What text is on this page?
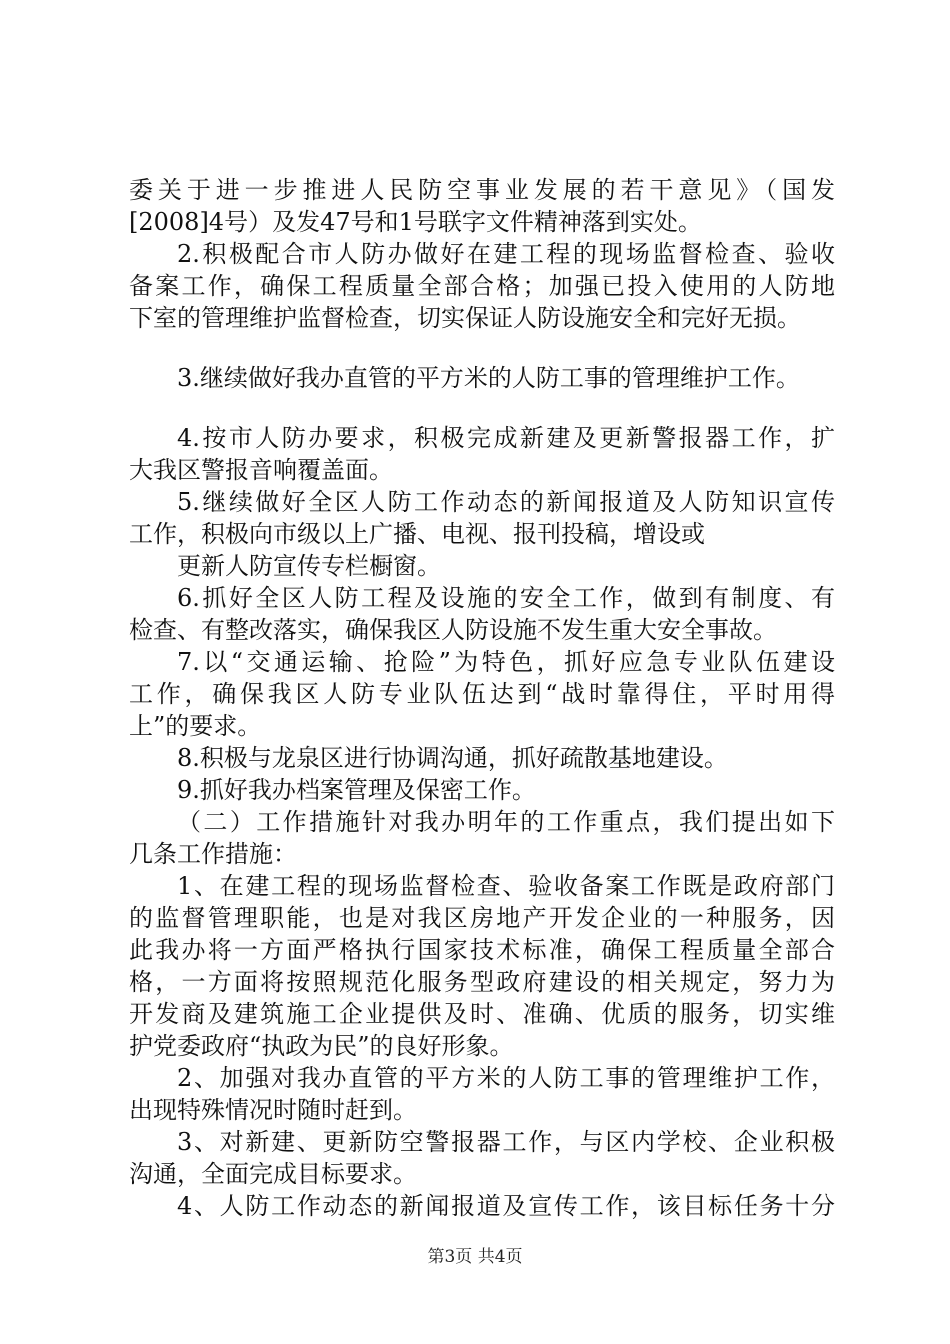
委关于进一步推进人民防空事业发展的若干意见》（国发
[2008]4号）及发47号和1号联字文件精神落到实处。
2.积极配合市人防办做好在建工程的现场监督检查、验收
备案工作，确保工程质量全部合格；加强已投入使用的人防地
下室的管理维护监督检查，切实保证人防设施安全和完好无损。
3.继续做好我办直管的平方米的人防工事的管理维护工作。
4.按市人防办要求，积极完成新建及更新警报器工作，扩
大我区警报音响覆盖面。
5.继续做好全区人防工作动态的新闻报道及人防知识宣传
工作，积极向市级以上广播、电视、报刊投稿，增设或
更新人防宣传专栏橱窗。
6.抓好全区人防工程及设施的安全工作，做到有制度、有
检查、有整改落实，确保我区人防设施不发生重大安全事故。
7.以“交通运输、抢险”为特色，抓好应急专业队伍建设
工作，确保我区人防专业队伍达到“战时靠得住，平时用得
上”的要求。
8.积极与龙泉区进行协调沟通，抓好疏散基地建设。
9.抓好我办档案管理及保密工作。
（二）工作措施针对我办明年的工作重点，我们提出如下
几条工作措施：
1、在建工程的现场监督检查、验收备案工作既是政府部门
的监督管理职能，也是对我区房地产开发企业的一种服务，因
此我办将一方面严格执行国家技术标准，确保工程质量全部合
格，一方面将按照规范化服务型政府建设的相关规定，努力为
开发商及建筑施工企业提供及时、准确、优质的服务，切实维
护党委政府“执政为民”的良好形象。
2、加强对我办直管的平方米的人防工事的管理维护工作，
出现特殊情况时随时赶到。
3、对新建、更新防空警报器工作，与区内学校、企业积极
沟通，全面完成目标要求。
4、人防工作动态的新闻报道及宣传工作，该目标任务十分
第3页 共4页
